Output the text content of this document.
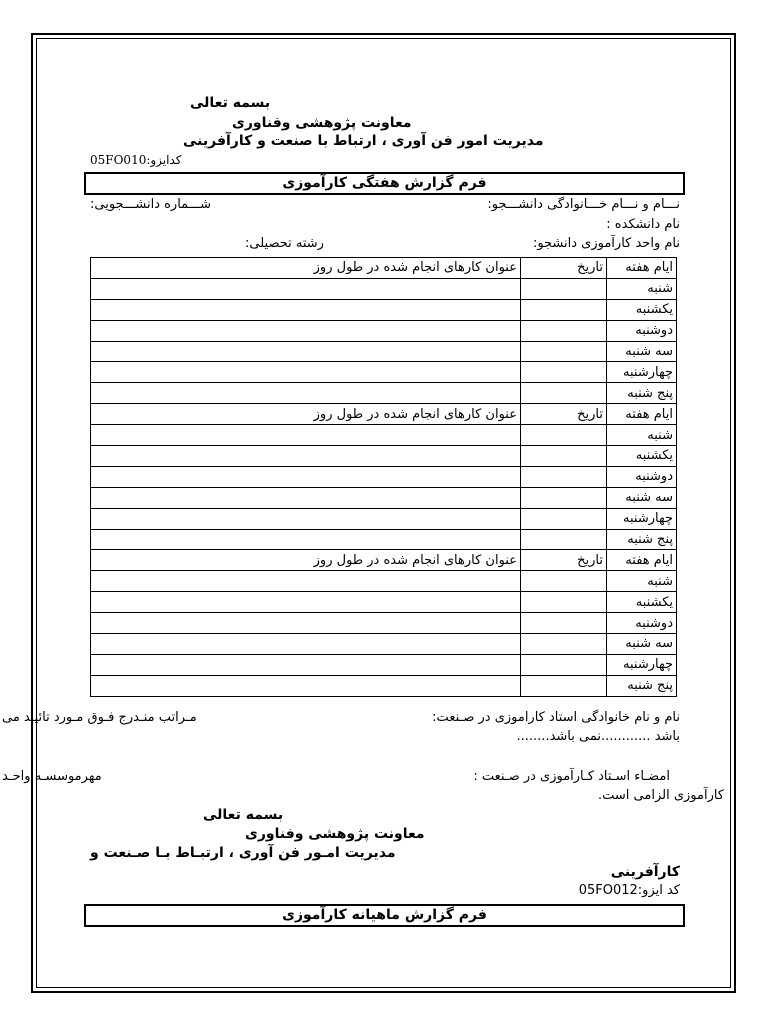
بسمه تعالی
معاونت پژوهشی وفناوری
مدیریت امور فن آوری ، ارتباط با صنعت و کارآفرینی
کدایزو:05FO010
فرم گزارش هفتگی کارآموزی
نـــام و نـــام خـــانوادگی دانشـــجو:
شـــماره دانشـــجویی:
نام دانشکده :
نام واحد کارآموزی دانشجو:
رشته تحصیلی:
ایام هفته	تاریخ	عنوان کارهای انجام شده در طول روز
شنبه		
یکشنبه		
دوشنبه		
سه شنبه		
چهارشنبه		
پنج شنبه		
ایام هفته	تاریخ	عنوان کارهای انجام شده در طول روز
شنبه		
یکشنبه		
دوشنبه		
سه شنبه		
چهارشنبه		
پنج شنبه		
ایام هفته	تاریخ	عنوان کارهای انجام شده در طول روز
شنبه		
یکشنبه		
دوشنبه		
سه شنبه		
چهارشنبه		
پنج شنبه		
نام و نام خانوادگی استاد کاراموزی در صـنعت:
مـراتب منـدرج فـوق مـورد تائیـد می
باشد ............نمی باشد........
امضـاء اسـتاد کـارآموزی در صـنعت :
مهرموسسـه واحـد
کارآموزی الزامی است.
بسمه تعالی
معاونت پژوهشی وفناوری
مدیریت امـور فن آوری ، ارتبـاط بـا صـنعت و
کارآفرینی
کد ایزو:05FO012
فرم گزارش ماهیانه کارآموزی
